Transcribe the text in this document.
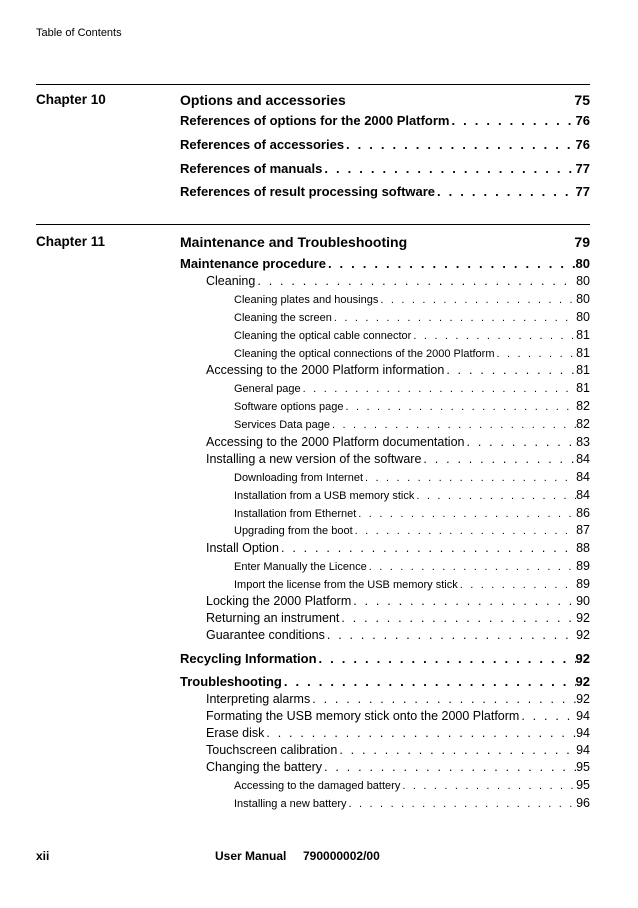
Table of Contents
Chapter 10	Options and accessories	75
References of options for the 2000 Platform . . .	76
References of accessories . . .	76
References of manuals . . .	77
References of result processing software . . .	77
Chapter 11	Maintenance and Troubleshooting	79
Maintenance procedure . . .	80
Cleaning . . .	80
Cleaning plates and housings . . .	80
Cleaning the screen . . .	80
Cleaning the optical cable connector . . .	81
Cleaning the optical connections of the 2000 Platform . . .	81
Accessing to the 2000 Platform information . . .	81
General page . . .	81
Software options page . . .	82
Services Data page . . .	82
Accessing to the 2000 Platform documentation . . .	83
Installing a new version of the software . . .	84
Downloading from Internet . . .	84
Installation from a USB memory stick . . .	84
Installation from Ethernet . . .	86
Upgrading from the boot . . .	87
Install Option . . .	88
Enter Manually the Licence . . .	89
Import the license from the USB memory stick . . .	89
Locking the 2000 Platform . . .	90
Returning an instrument . . .	92
Guarantee conditions . . .	92
Recycling Information . . .	92
Troubleshooting . . .	92
Interpreting alarms . . .	92
Formating the USB memory stick onto the 2000 Platform . . .	94
Erase disk . . .	94
Touchscreen calibration . . .	94
Changing the battery . . .	95
Accessing to the damaged battery . . .	95
Installing a new battery . . .	96
xii	User Manual 790000002/00
